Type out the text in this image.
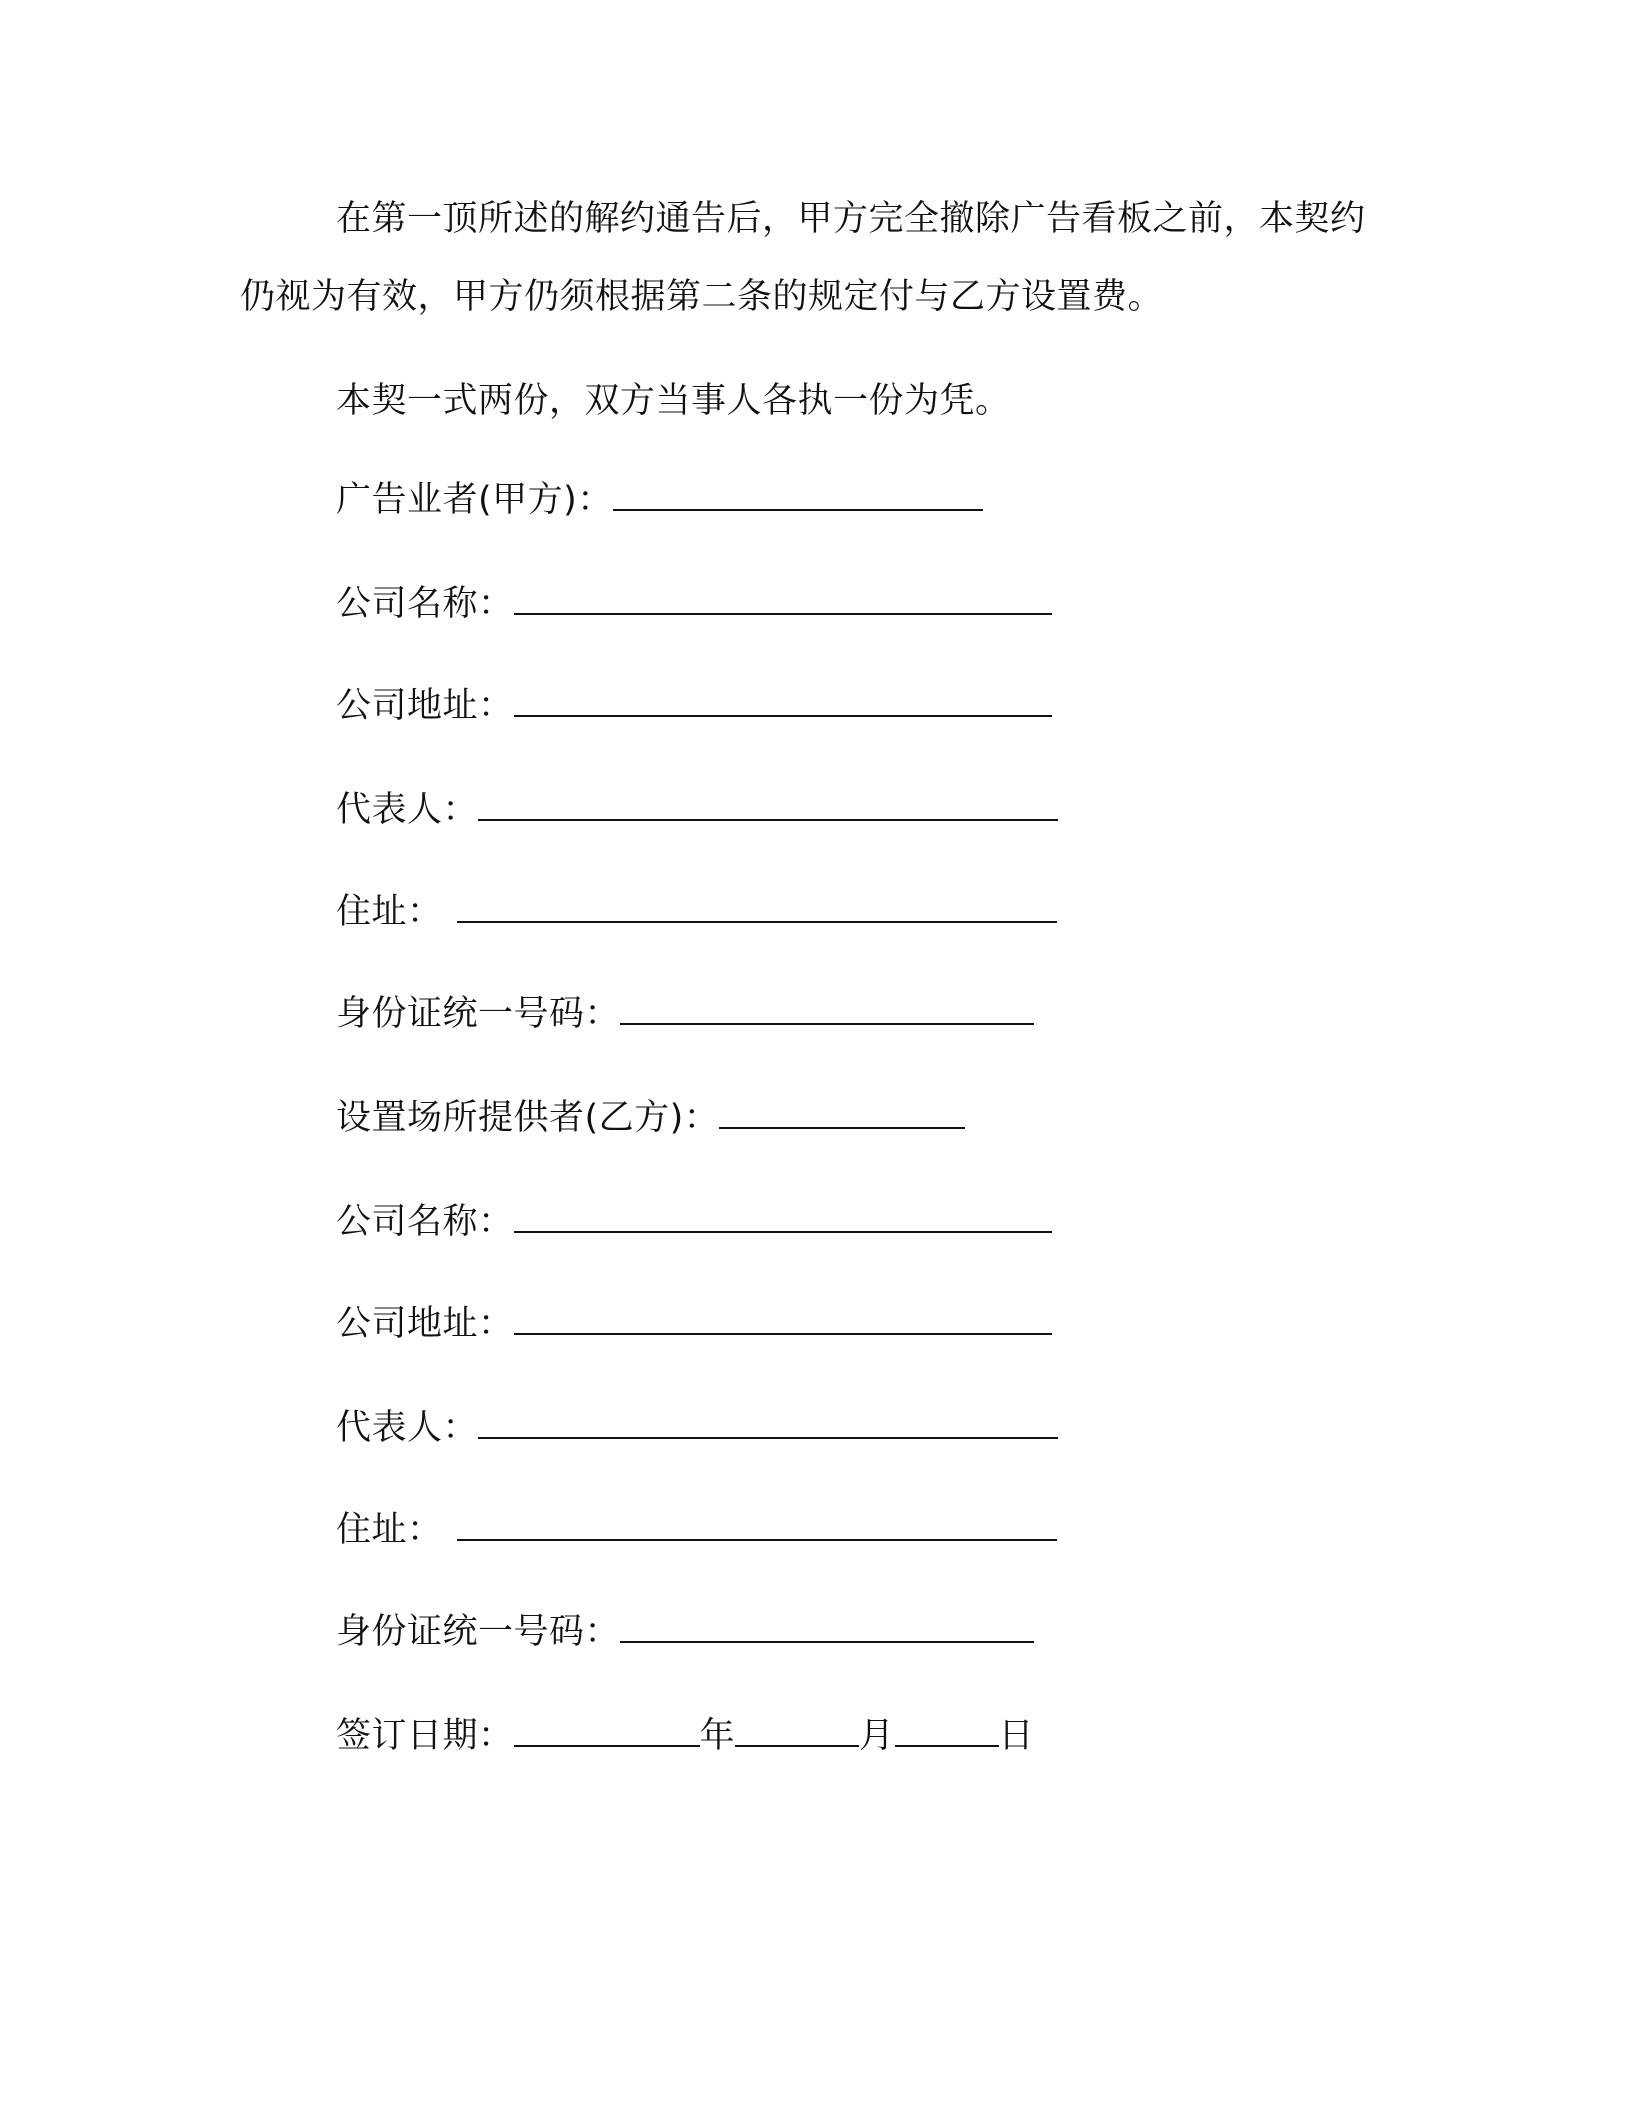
在第一顶所述的解约通告后，甲方完全撤除广告看板之前，本契约仍视为有效，甲方仍须根据第二条的规定付与乙方设置费。

本契一式两份，双方当事人各执一份为凭。

广告业者(甲方)：
公司名称：
公司地址：
代表人：
住址：
身份证统一号码：
设置场所提供者(乙方)：
公司名称：
公司地址：
代表人：
住址：
身份证统一号码：
签订日期：	年	月	日
